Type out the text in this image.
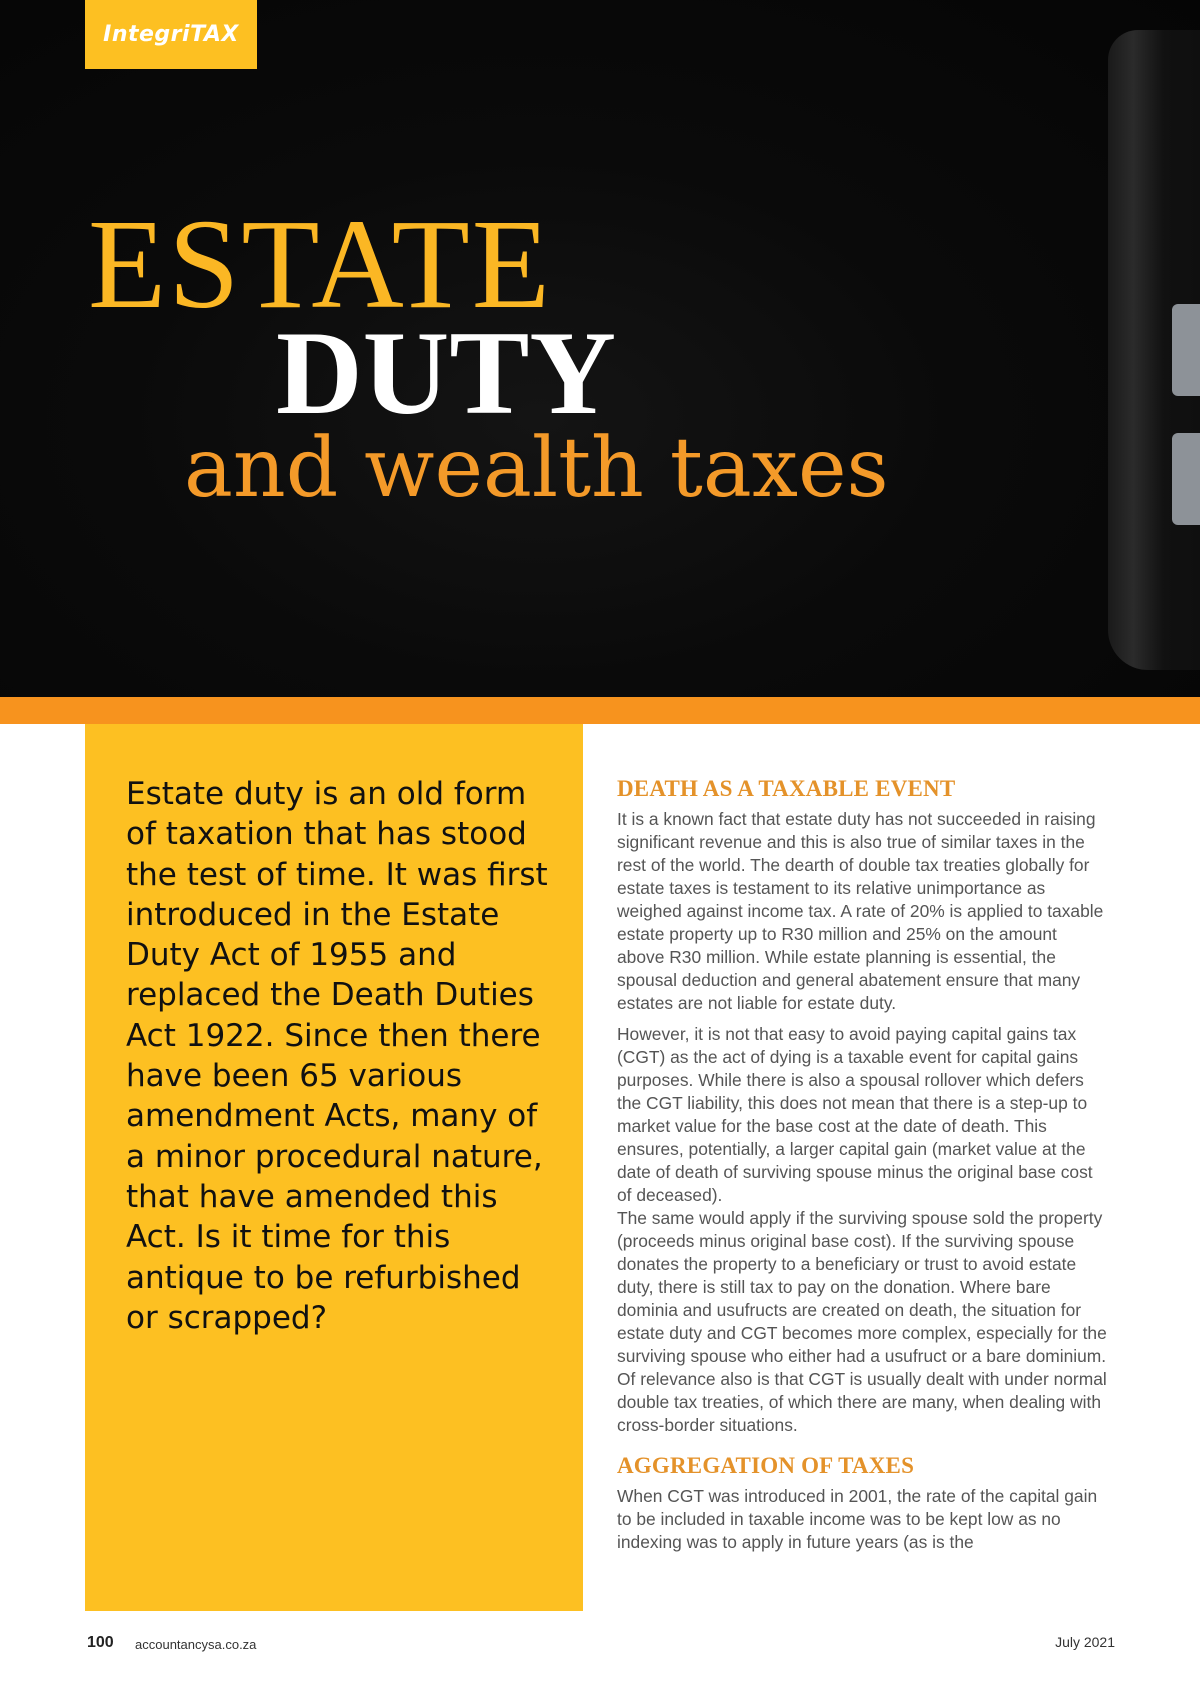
IntegriTAX
ESTATE
DUTY
and wealth taxes

Estate duty is an old form of taxation that has stood the test of time. It was first introduced in the Estate Duty Act of 1955 and replaced the Death Duties Act 1922. Since then there have been 65 various amendment Acts, many of a minor procedural nature, that have amended this Act. Is it time for this antique to be refurbished or scrapped?

DEATH AS A TAXABLE EVENT

It is a known fact that estate duty has not succeeded in raising significant revenue and this is also true of similar taxes in the rest of the world. The dearth of double tax treaties globally for estate taxes is testament to its relative unimportance as weighed against income tax. A rate of 20% is applied to taxable estate property up to R30 million and 25% on the amount above R30 million. While estate planning is essential, the spousal deduction and general abatement ensure that many estates are not liable for estate duty.

However, it is not that easy to avoid paying capital gains tax (CGT) as the act of dying is a taxable event for capital gains purposes. While there is also a spousal rollover which defers the CGT liability, this does not mean that there is a step-up to market value for the base cost at the date of death. This ensures, potentially, a larger capital gain (market value at the date of death of surviving spouse minus the original base cost of deceased).

The same would apply if the surviving spouse sold the property (proceeds minus original base cost). If the surviving spouse donates the property to a beneficiary or trust to avoid estate duty, there is still tax to pay on the donation. Where bare dominia and usufructs are created on death, the situation for estate duty and CGT becomes more complex, especially for the surviving spouse who either had a usufruct or a bare dominium. Of relevance also is that CGT is usually dealt with under normal double tax treaties, of which there are many, when dealing with cross-border situations.

AGGREGATION OF TAXES

When CGT was introduced in 2001, the rate of the capital gain to be included in taxable income was to be kept low as no indexing was to apply in future years (as is the

100 accountancysa.co.za	July 2021
